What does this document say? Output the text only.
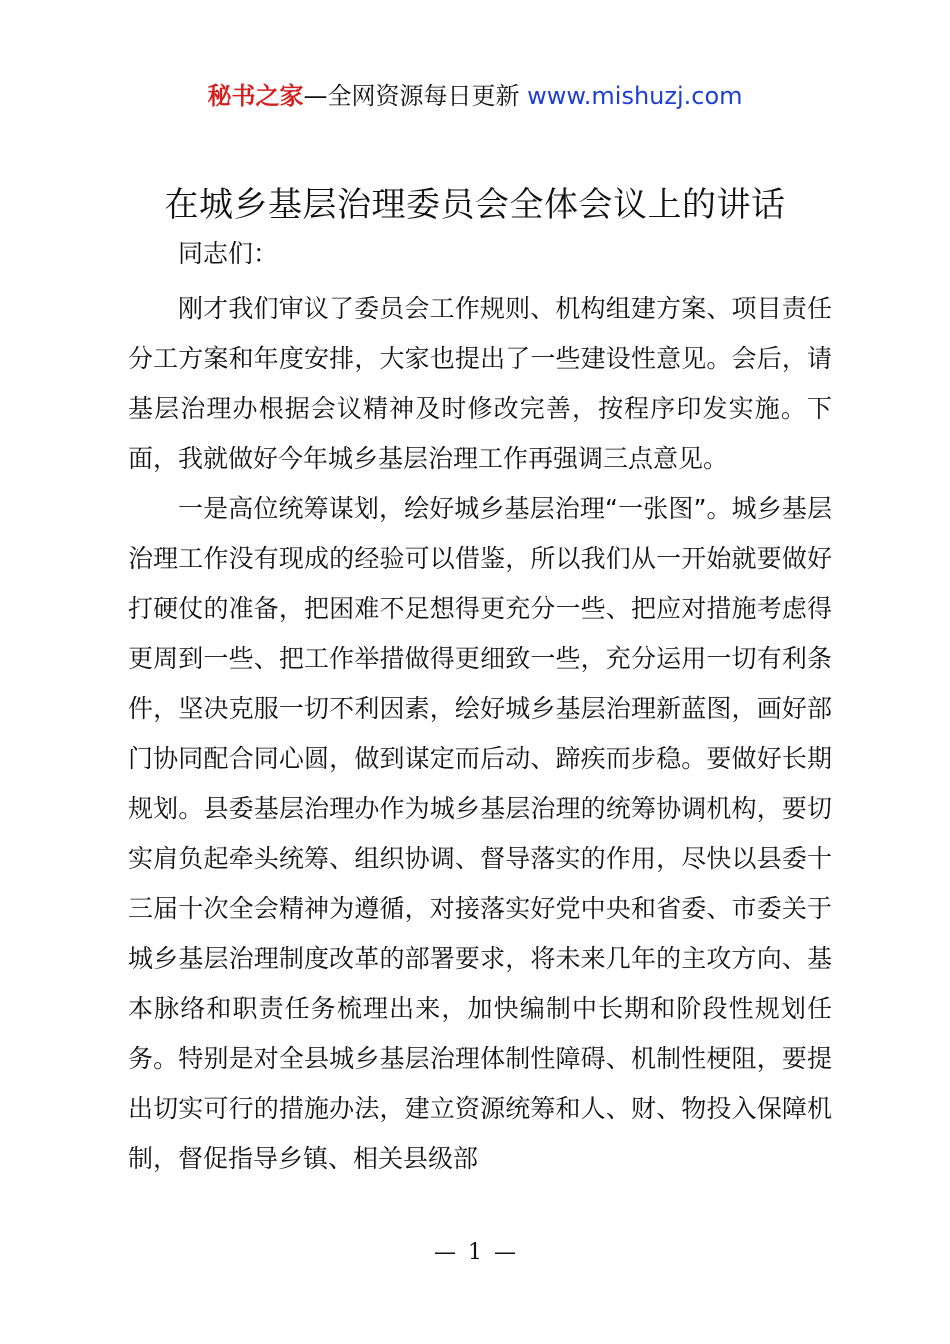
秘书之家—全网资源每日更新 www.mishuzj.com
在城乡基层治理委员会全体会议上的讲话

同志们：

刚才我们审议了委员会工作规则、机构组建方案、项目责任分工方案和年度安排，大家也提出了一些建设性意见。会后，请基层治理办根据会议精神及时修改完善，按程序印发实施。下面，我就做好今年城乡基层治理工作再强调三点意见。

一是高位统筹谋划，绘好城乡基层治理“一张图”。城乡基层治理工作没有现成的经验可以借鉴，所以我们从一开始就要做好打硬仗的准备，把困难不足想得更充分一些、把应对措施考虑得更周到一些、把工作举措做得更细致一些，充分运用一切有利条件，坚决克服一切不利因素，绘好城乡基层治理新蓝图，画好部门协同配合同心圆，做到谋定而后动、蹄疾而步稳。要做好长期规划。县委基层治理办作为城乡基层治理的统筹协调机构，要切实肩负起牵头统筹、组织协调、督导落实的作用，尽快以县委十三届十次全会精神为遵循，对接落实好党中央和省委、市委关于城乡基层治理制度改革的部署要求，将未来几年的主攻方向、基本脉络和职责任务梳理出来，加快编制中长期和阶段性规划任务。特别是对全县城乡基层治理体制性障碍、机制性梗阻，要提出切实可行的措施办法，建立资源统筹和人、财、物投入保障机制，督促指导乡镇、相关县级部

— 1 —
